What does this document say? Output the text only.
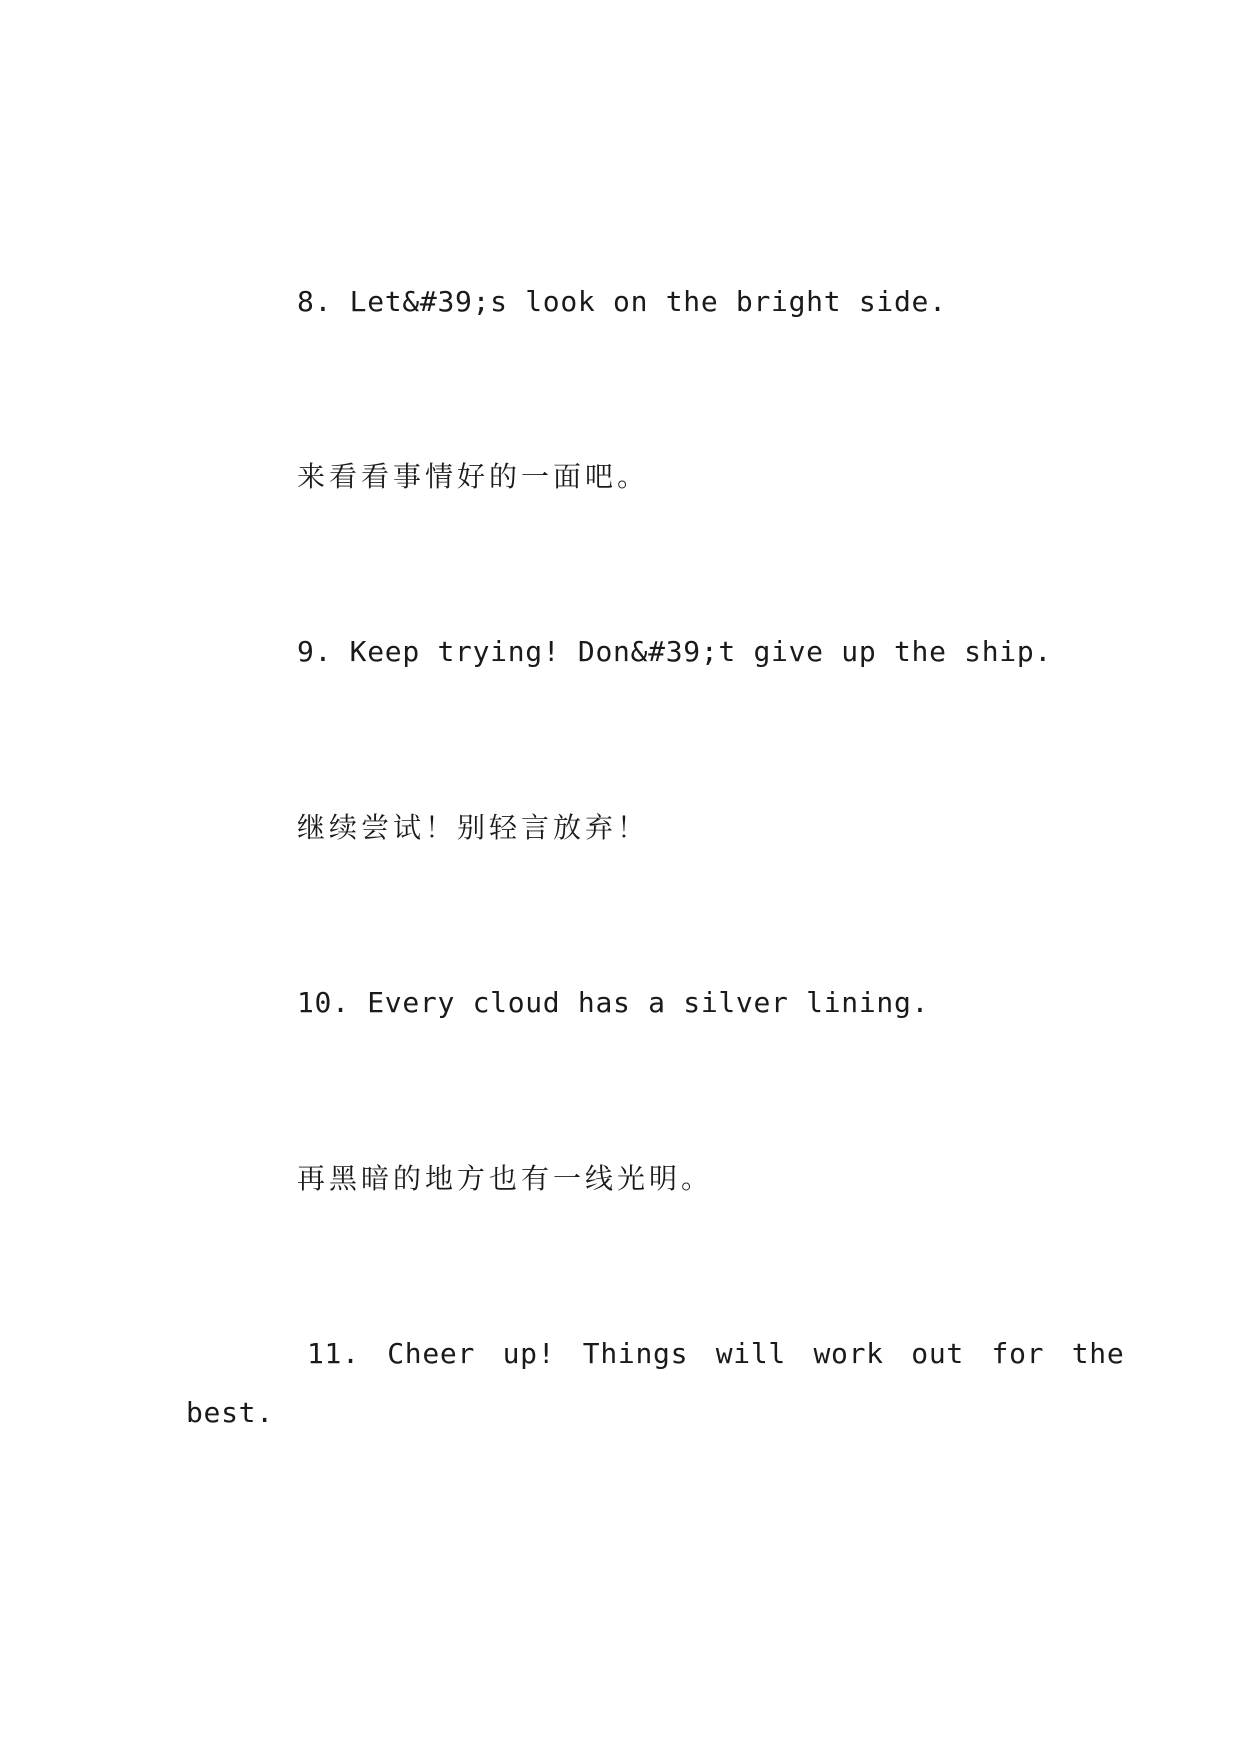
8. Let&#39;s look on the bright side.

来看看事情好的一面吧。

9. Keep trying! Don&#39;t give up the ship.

继续尝试！别轻言放弃！

10. Every cloud has a silver lining.

再黑暗的地方也有一线光明。

11. Cheer up! Things will work out for the

best.
